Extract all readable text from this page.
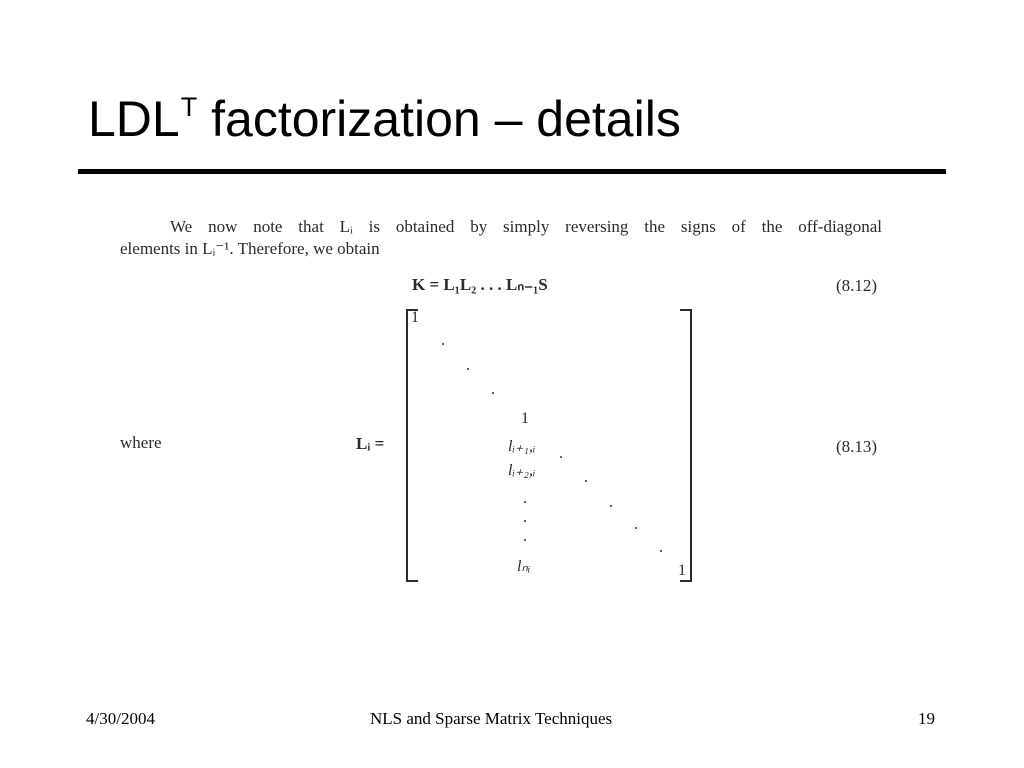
$LDL^T$ factorization – details
We now note that Lᵢ is obtained by simply reversing the signs of the off-diagonal
elements in Lᵢ⁻¹. Therefore, we obtain
K = L₁L₂ . . . Lₙ₋₁S	(8.12)
where	Lᵢ =	(8.13)
1
1
lᵢ₊₁,ᵢ
lᵢ₊₂,ᵢ
lₙᵢ	1
4/30/2004	NLS and Sparse Matrix Techniques	19
